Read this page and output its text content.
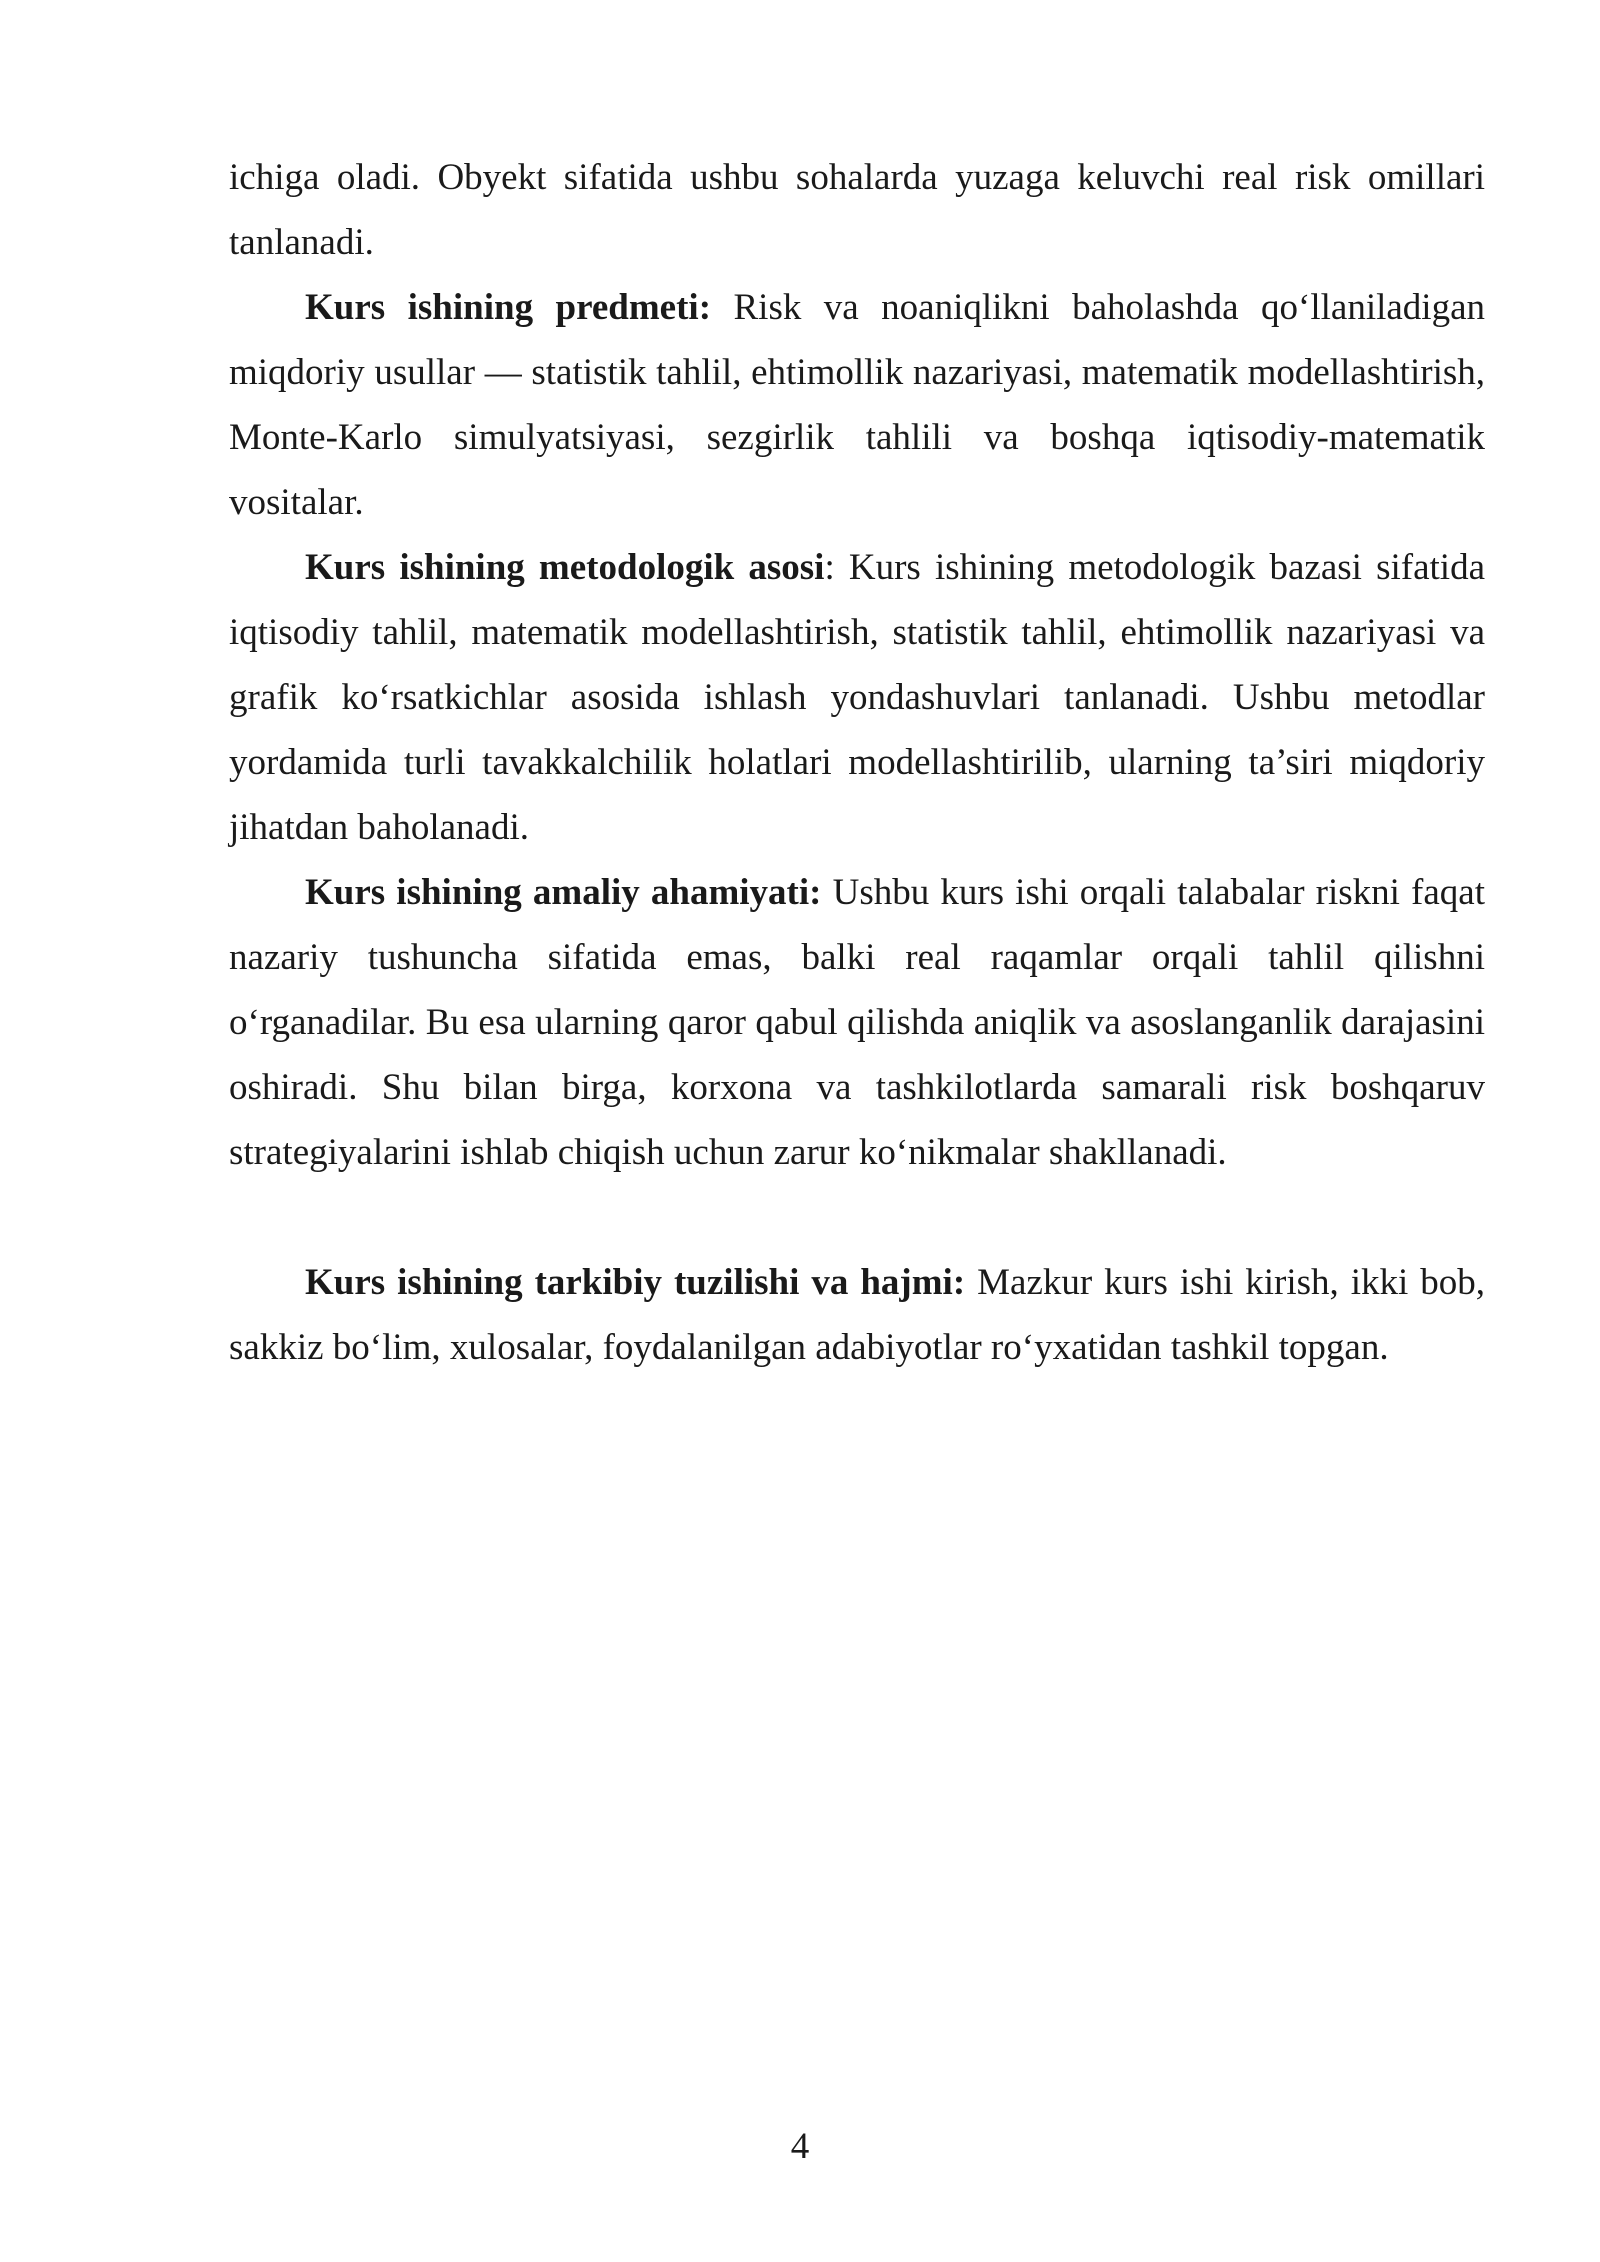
ichiga oladi. Obyekt sifatida ushbu sohalarda yuzaga keluvchi real risk omillari tanlanadi.

Kurs ishining predmeti: Risk va noaniqlikni baholashda qo‘llaniladigan miqdoriy usullar — statistik tahlil, ehtimollik nazariyasi, matematik modellashtirish, Monte-Karlo simulyatsiyasi, sezgirlik tahlili va boshqa iqtisodiy-matematik vositalar.

Kurs ishining metodologik asosi: Kurs ishining metodologik bazasi sifatida iqtisodiy tahlil, matematik modellashtirish, statistik tahlil, ehtimollik nazariyasi va grafik ko‘rsatkichlar asosida ishlash yondashuvlari tanlanadi. Ushbu metodlar yordamida turli tavakkalchilik holatlari modellashtirilib, ularning ta’siri miqdoriy jihatdan baholanadi.

Kurs ishining amaliy ahamiyati: Ushbu kurs ishi orqali talabalar riskni faqat nazariy tushuncha sifatida emas, balki real raqamlar orqali tahlil qilishni o‘rganadilar. Bu esa ularning qaror qabul qilishda aniqlik va asoslanganlik darajasini oshiradi. Shu bilan birga, korxona va tashkilotlarda samarali risk boshqaruv strategiyalarini ishlab chiqish uchun zarur ko‘nikmalar shakllanadi.

Kurs ishining tarkibiy tuzilishi va hajmi: Mazkur kurs ishi kirish, ikki bob, sakkiz bo‘lim, xulosalar, foydalanilgan adabiyotlar ro‘yxatidan tashkil topgan.

4
